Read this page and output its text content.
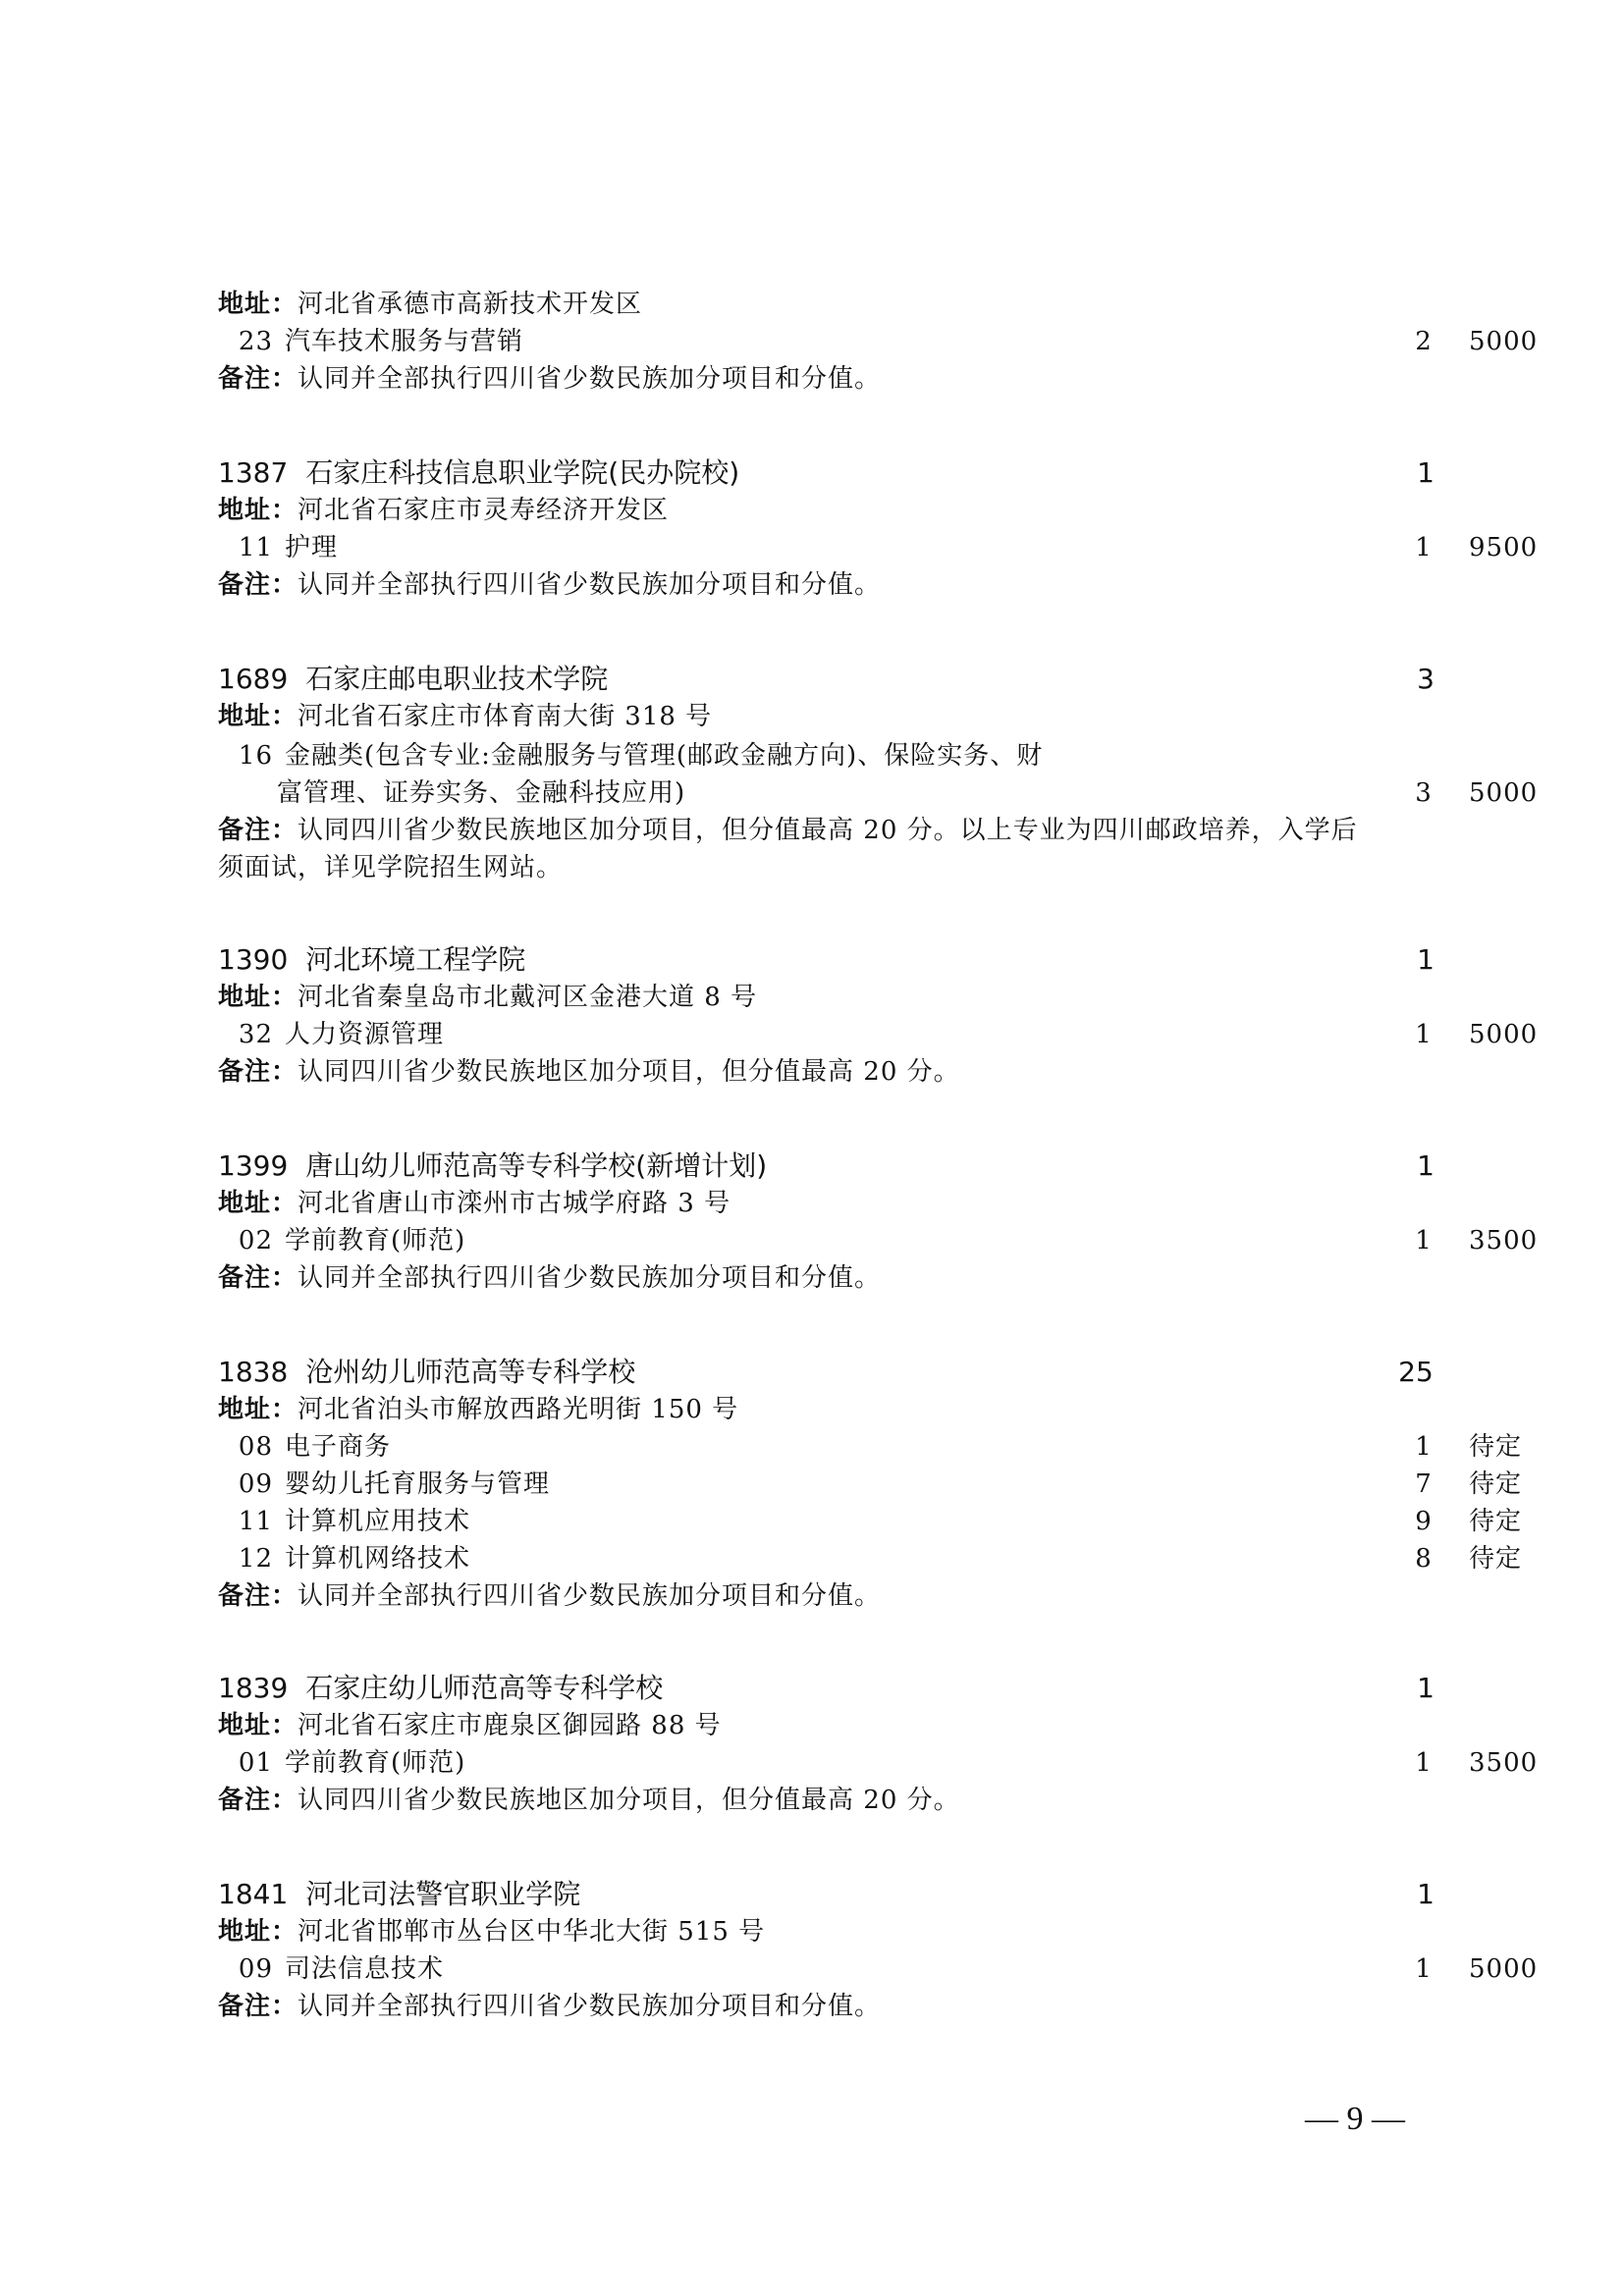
地址：河北省承德市高新技术开发区
23 汽车技术服务与营销	2	5000
备注：认同并全部执行四川省少数民族加分项目和分值。
1387 石家庄科技信息职业学院(民办院校)	1
地址：河北省石家庄市灵寿经济开发区
11 护理	1	9500
备注：认同并全部执行四川省少数民族加分项目和分值。
1689 石家庄邮电职业技术学院	3
地址：河北省石家庄市体育南大街 318 号
16 金融类(包含专业:金融服务与管理(邮政金融方向)、保险实务、财
富管理、证券实务、金融科技应用)	3	5000
备注：认同四川省少数民族地区加分项目，但分值最高 20 分。以上专业为四川邮政培养，入学后
须面试，详见学院招生网站。
1390 河北环境工程学院	1
地址：河北省秦皇岛市北戴河区金港大道 8 号
32 人力资源管理	1	5000
备注：认同四川省少数民族地区加分项目，但分值最高 20 分。
1399 唐山幼儿师范高等专科学校(新增计划)	1
地址：河北省唐山市滦州市古城学府路 3 号
02 学前教育(师范)	1	3500
备注：认同并全部执行四川省少数民族加分项目和分值。
1838 沧州幼儿师范高等专科学校	25
地址：河北省泊头市解放西路光明街 150 号
08 电子商务	1	待定
09 婴幼儿托育服务与管理	7	待定
11 计算机应用技术	9	待定
12 计算机网络技术	8	待定
备注：认同并全部执行四川省少数民族加分项目和分值。
1839 石家庄幼儿师范高等专科学校	1
地址：河北省石家庄市鹿泉区御园路 88 号
01 学前教育(师范)	1	3500
备注：认同四川省少数民族地区加分项目，但分值最高 20 分。
1841 河北司法警官职业学院	1
地址：河北省邯郸市丛台区中华北大街 515 号
09 司法信息技术	1	5000
备注：认同并全部执行四川省少数民族加分项目和分值。
— 9 —
